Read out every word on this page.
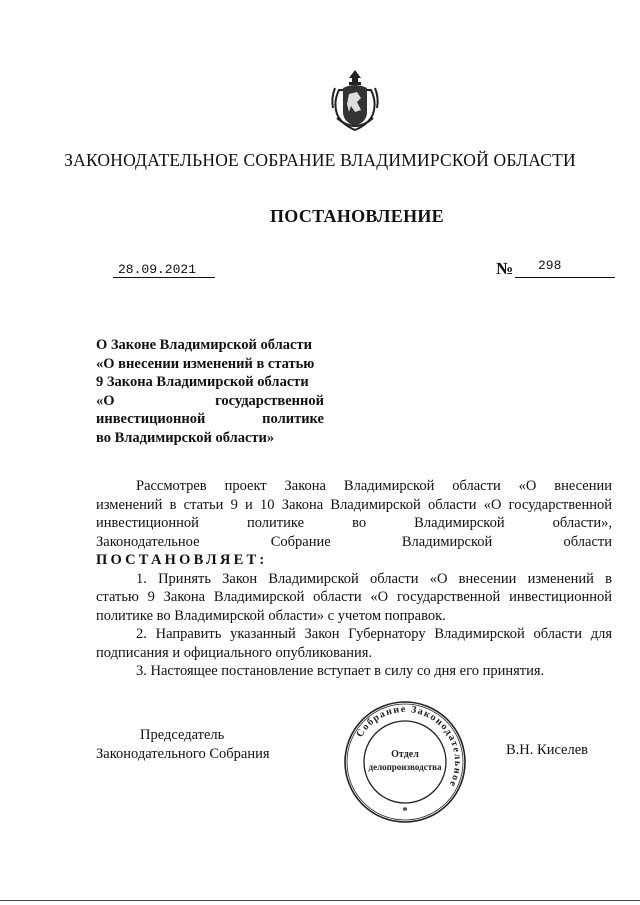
ЗАКОНОДАТЕЛЬНОЕ СОБРАНИЕ ВЛАДИМИРСКОЙ ОБЛАСТИ
ПОСТАНОВЛЕНИЕ
28.09.2021	№ 298
О Законе Владимирской области
«О внесении изменений в статью
9 Закона Владимирской области
«О государственной
инвестиционной политике
во Владимирской области»
Рассмотрев проект Закона Владимирской области «О внесении
изменений в статьи 9 и 10 Закона Владимирской области «О государственной
инвестиционной политике во Владимирской области»,
Законодательное Собрание Владимирской области
ПОСТАНОВЛЯЕТ:
1. Принять Закон Владимирской области «О внесении изменений в
статью 9 Закона Владимирской области «О государственной инвестиционной
политике во Владимирской области» с учетом поправок.
2. Направить указанный Закон Губернатору Владимирской области для
подписания и официального опубликования.
3. Настоящее постановление вступает в силу со дня его принятия.
Председатель
Законодательного Собрания	В.Н. Киселев
Собрание Законодательное
*
Отдел
делопроизводства
